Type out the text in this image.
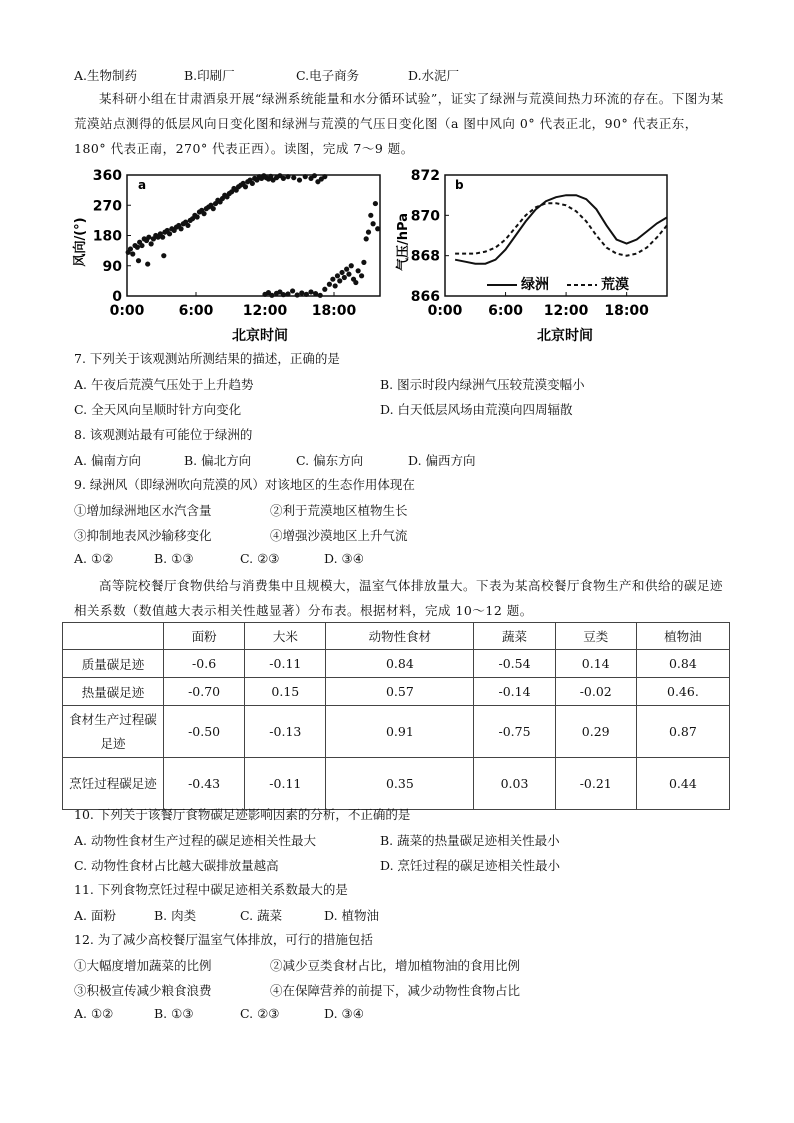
A.生物制药	B.印刷厂	C.电子商务	D.水泥厂
某科研小组在甘肃酒泉开展“绿洲系统能量和水分循环试验”，证实了绿洲与荒漠间热力环流的存在。下图为某荒漠站点测得的低层风向日变化图和绿洲与荒漠的气压日变化图（a 图中风向 0° 代表正北，90° 代表正东，180° 代表正南，270° 代表正西）。读图，完成 7～9 题。
0
90
180
270
360
0:00 6:00 12:00 18:00
a
风向/(°)
北京时间
866
868
870
872
0:00 6:00 12:00 18:00
b
气压/hPa
北京时间
绿洲	荒漠
7. 下列关于该观测站所测结果的描述，正确的是
A. 午夜后荒漠气压处于上升趋势	B. 图示时段内绿洲气压较荒漠变幅小
C. 全天风向呈顺时针方向变化	D. 白天低层风场由荒漠向四周辐散
8. 该观测站最有可能位于绿洲的
A. 偏南方向	B. 偏北方向	C. 偏东方向	D. 偏西方向
9. 绿洲风（即绿洲吹向荒漠的风）对该地区的生态作用体现在
①增加绿洲地区水汽含量	②利于荒漠地区植物生长
③抑制地表风沙输移变化	④增强沙漠地区上升气流
A. ①②	B. ①③	C. ②③	D. ③④
高等院校餐厅食物供给与消费集中且规模大，温室气体排放量大。下表为某高校餐厅食物生产和供给的碳足迹相关系数（数值越大表示相关性越显著）分布表。根据材料，完成 10～12 题。
	面粉	大米	动物性食材	蔬菜	豆类	植物油
质量碳足迹	-0.6	-0.11	0.84	-0.54	0.14	0.84
热量碳足迹	-0.70	0.15	0.57	-0.14	-0.02	0.46.
食材生产过程碳足迹	-0.50	-0.13	0.91	-0.75	0.29	0.87
烹饪过程碳足迹	-0.43	-0.11	0.35	0.03	-0.21	0.44
10. 下列关于该餐厅食物碳足迹影响因素的分析，不正确的是
A. 动物性食材生产过程的碳足迹相关性最大	B. 蔬菜的热量碳足迹相关性最小
C. 动物性食材占比越大碳排放量越高	D. 烹饪过程的碳足迹相关性最小
11. 下列食物烹饪过程中碳足迹相关系数最大的是
A. 面粉	B. 肉类	C. 蔬菜	D. 植物油
12. 为了减少高校餐厅温室气体排放，可行的措施包括
①大幅度增加蔬菜的比例	②减少豆类食材占比，增加植物油的食用比例
③积极宣传减少粮食浪费	④在保障营养的前提下，减少动物性食物占比
A. ①②	B. ①③	C. ②③	D. ③④
